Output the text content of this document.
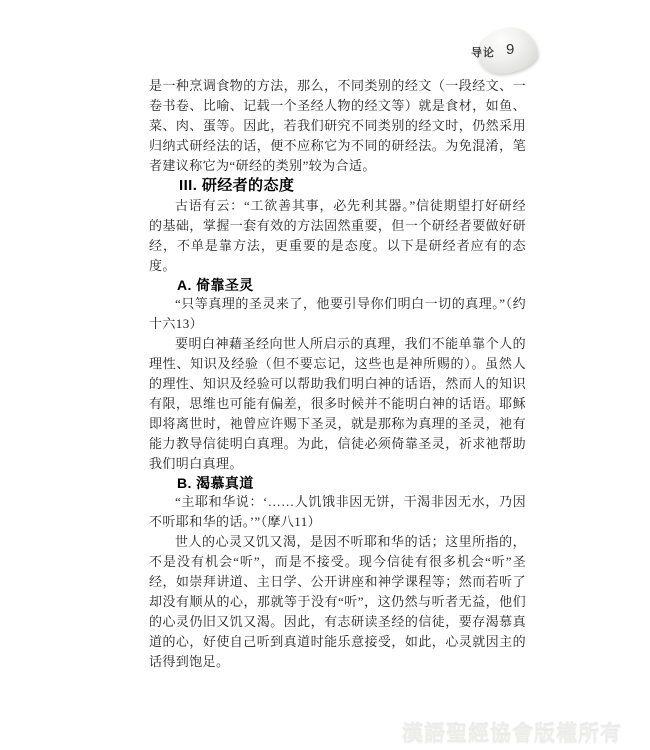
导论 9

是一种烹调食物的方法，那么，不同类别的经文（一段经文、一卷书卷、比喻、记载一个圣经人物的经文等）就是食材，如鱼、菜、肉、蛋等。因此，若我们研究不同类别的经文时，仍然采用归纳式研经法的话，便不应称它为不同的研经法。为免混淆，笔者建议称它为“研经的类别”较为合适。

III. 研经者的态度

古语有云：“工欲善其事，必先利其器。”信徒期望打好研经的基础，掌握一套有效的方法固然重要，但一个研经者要做好研经，不单是靠方法，更重要的是态度。以下是研经者应有的态度。

A. 倚靠圣灵

“只等真理的圣灵来了，他要引导你们明白一切的真理。”（约十六13）

要明白神藉圣经向世人所启示的真理，我们不能单靠个人的理性、知识及经验（但不要忘记，这些也是神所赐的）。虽然人的理性、知识及经验可以帮助我们明白神的话语，然而人的知识有限，思维也可能有偏差，很多时候并不能明白神的话语。耶稣即将离世时，祂曾应许赐下圣灵，就是那称为真理的圣灵，祂有能力教导信徒明白真理。为此，信徒必须倚靠圣灵，祈求祂帮助我们明白真理。

B. 渴慕真道

“主耶和华说：‘……人饥饿非因无饼，干渴非因无水，乃因不听耶和华的话。’”（摩八11）

世人的心灵又饥又渴，是因不听耶和华的话；这里所指的，不是没有机会“听”，而是不接受。现今信徒有很多机会“听”圣经，如崇拜讲道、主日学、公开讲座和神学课程等；然而若听了却没有顺从的心，那就等于没有“听”，这仍然与听者无益，他们的心灵仍旧又饥又渴。因此，有志研读圣经的信徒，要存渴慕真道的心，好使自己听到真道时能乐意接受，如此，心灵就因主的话得到饱足。

漢語聖經協會版權所有
